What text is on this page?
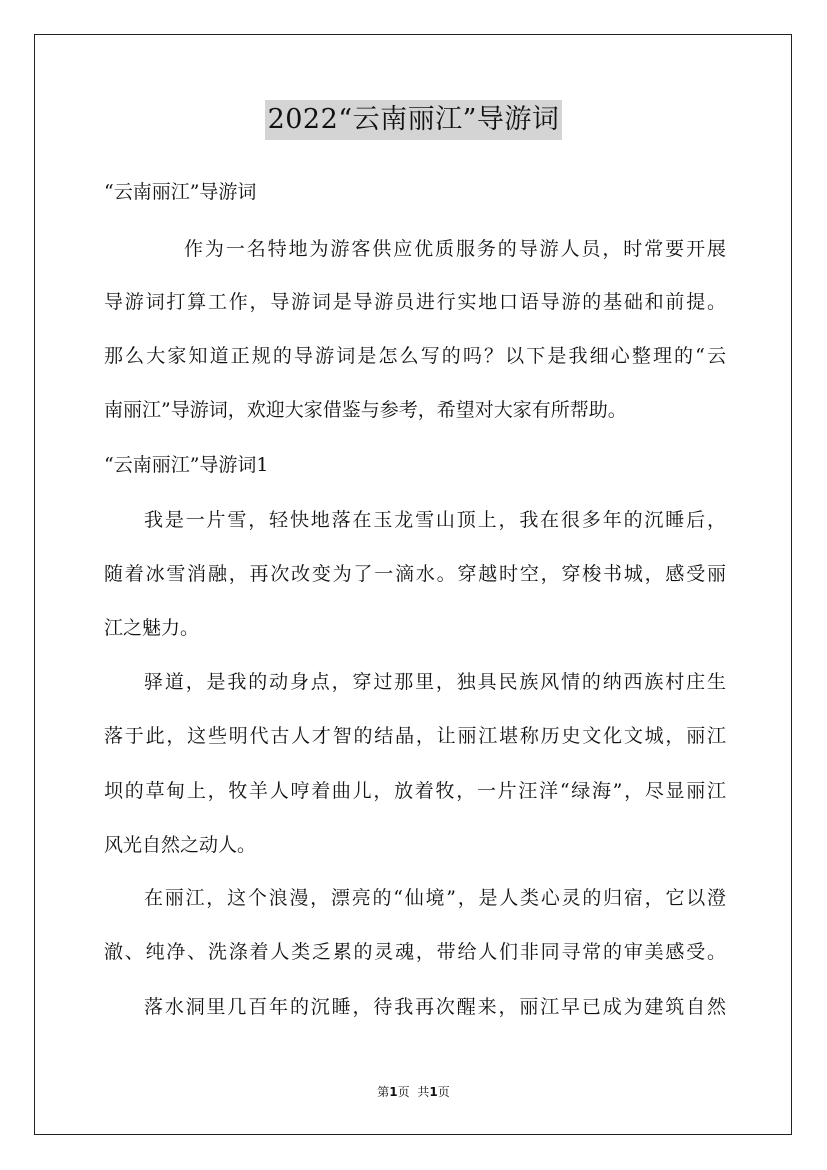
2022“云南丽江”导游词
“云南丽江”导游词
作为一名特地为游客供应优质服务的导游人员，时常要开展
导游词打算工作，导游词是导游员进行实地口语导游的基础和前提。
那么大家知道正规的导游词是怎么写的吗？以下是我细心整理的“云
南丽江”导游词，欢迎大家借鉴与参考，希望对大家有所帮助。
“云南丽江”导游词1
我是一片雪，轻快地落在玉龙雪山顶上，我在很多年的沉睡后，
随着冰雪消融，再次改变为了一滴水。穿越时空，穿梭书城，感受丽
江之魅力。
驿道，是我的动身点，穿过那里，独具民族风情的纳西族村庄生
落于此，这些明代古人才智的结晶，让丽江堪称历史文化文城，丽江
坝的草甸上，牧羊人哼着曲儿，放着牧，一片汪洋“绿海”，尽显丽江
风光自然之动人。
在丽江，这个浪漫，漂亮的“仙境”，是人类心灵的归宿，它以澄
澈、纯净、洗涤着人类乏累的灵魂，带给人们非同寻常的审美感受。
落水洞里几百年的沉睡，待我再次醒来，丽江早已成为建筑自然
第1页 共1页
